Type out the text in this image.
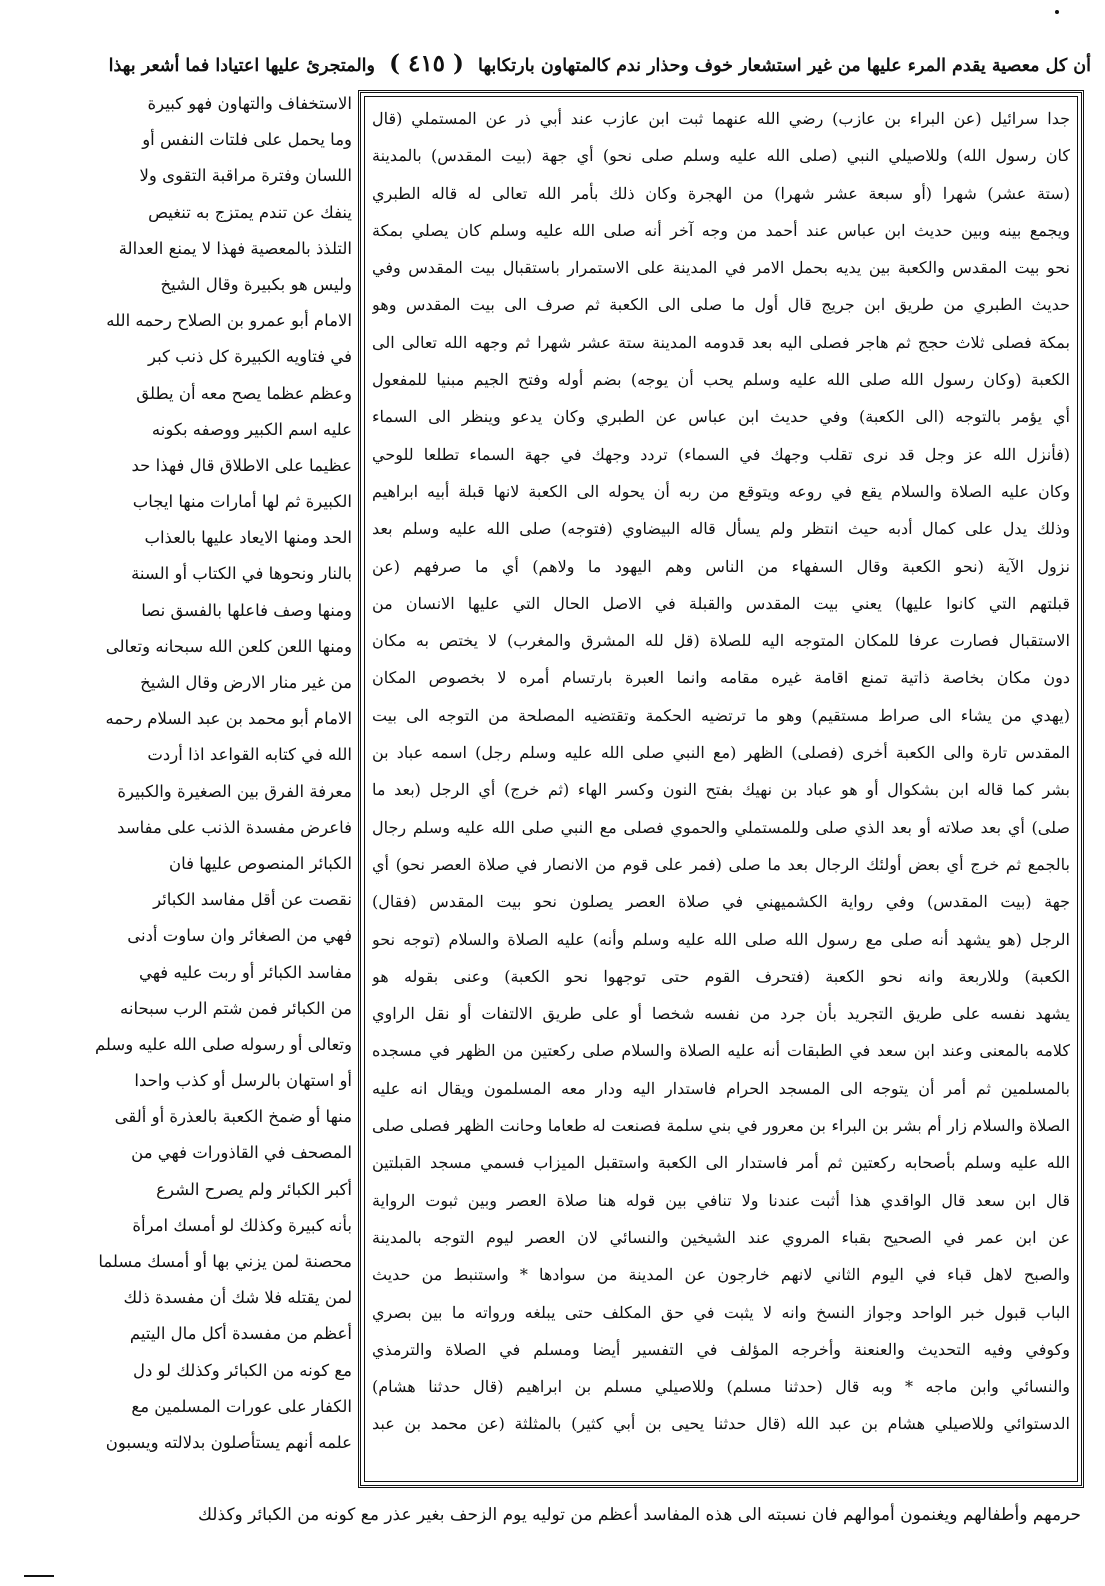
أن كل معصية يقدم المرء عليها من غير استشعار خوف وحذار ندم كالمتهاون بارتكابها ( ٤١٥ ) والمتجرئ عليها اعتيادا فما أشعر بهذا
الاستخفاف والتهاون فهو كبيرة
وما يحمل على فلتات النفس أو
اللسان وفترة مراقبة التقوى ولا
ينفك عن تندم يمتزج به تنغيص
التلذذ بالمعصية فهذا لا يمنع العدالة
وليس هو بكبيرة وقال الشيخ
الامام أبو عمرو بن الصلاح رحمه الله
في فتاويه الكبيرة كل ذنب كبر
وعظم عظما يصح معه أن يطلق
عليه اسم الكبير ووصفه بكونه
عظيما على الاطلاق قال فهذا حد
الكبيرة ثم لها أمارات منها ايجاب
الحد ومنها الايعاد عليها بالعذاب
بالنار ونحوها في الكتاب أو السنة
ومنها وصف فاعلها بالفسق نصا
ومنها اللعن كلعن الله سبحانه وتعالى
من غير منار الارض وقال الشيخ
الامام أبو محمد بن عبد السلام رحمه
الله في كتابه القواعد اذا أردت
معرفة الفرق بين الصغيرة والكبيرة
فاعرض مفسدة الذنب على مفاسد
الكبائر المنصوص عليها فان
نقصت عن أقل مفاسد الكبائر
فهي من الصغائر وان ساوت أدنى
مفاسد الكبائر أو ربت عليه فهي
من الكبائر فمن شتم الرب سبحانه
وتعالى أو رسوله صلى الله عليه وسلم
أو استهان بالرسل أو كذب واحدا
منها أو ضمخ الكعبة بالعذرة أو ألقى
المصحف في القاذورات فهي من
أكبر الكبائر ولم يصرح الشرع
بأنه كبيرة وكذلك لو أمسك امرأة
محصنة لمن يزني بها أو أمسك مسلما
لمن يقتله فلا شك أن مفسدة ذلك
أعظم من مفسدة أكل مال اليتيم
مع كونه من الكبائر وكذلك لو دل
الكفار على عورات المسلمين مع
علمه أنهم يستأصلون بدلالته ويسبون
جدا سرائيل (عن البراء بن عازب) رضي الله عنهما ثبت ابن عازب عند أبي ذر عن المستملي (قال
كان رسول الله) وللاصيلي النبي (صلى الله عليه وسلم صلى نحو) أي جهة (بيت المقدس) بالمدينة
(ستة عشر) شهرا (أو سبعة عشر شهرا) من الهجرة وكان ذلك بأمر الله تعالى له قاله الطبري
ويجمع بينه وبين حديث ابن عباس عند أحمد من وجه آخر أنه صلى الله عليه وسلم كان يصلي بمكة
نحو بيت المقدس والكعبة بين يديه بحمل الامر في المدينة على الاستمرار باستقبال بيت المقدس وفي
حديث الطبري من طريق ابن جريج قال أول ما صلى الى الكعبة ثم صرف الى بيت المقدس وهو
بمكة فصلى ثلاث حجج ثم هاجر فصلى اليه بعد قدومه المدينة ستة عشر شهرا ثم وجهه الله تعالى الى
الكعبة (وكان رسول الله صلى الله عليه وسلم يحب أن يوجه) بضم أوله وفتح الجيم مبنيا للمفعول
أي يؤمر بالتوجه (الى الكعبة) وفي حديث ابن عباس عن الطبري وكان يدعو وينظر الى السماء
(فأنزل الله عز وجل قد نرى تقلب وجهك في السماء) تردد وجهك في جهة السماء تطلعا للوحي
وكان عليه الصلاة والسلام يقع في روعه ويتوقع من ربه أن يحوله الى الكعبة لانها قبلة أبيه ابراهيم
وذلك يدل على كمال أدبه حيث انتظر ولم يسأل قاله البيضاوي (فتوجه) صلى الله عليه وسلم بعد
نزول الآية (نحو الكعبة وقال السفهاء من الناس وهم اليهود ما ولاهم) أي ما صرفهم (عن
قبلتهم التي كانوا عليها) يعني بيت المقدس والقبلة في الاصل الحال التي عليها الانسان من
الاستقبال فصارت عرفا للمكان المتوجه اليه للصلاة (قل لله المشرق والمغرب) لا يختص به مكان
دون مكان بخاصة ذاتية تمنع اقامة غيره مقامه وانما العبرة بارتسام أمره لا بخصوص المكان
(يهدي من يشاء الى صراط مستقيم) وهو ما ترتضيه الحكمة وتقتضيه المصلحة من التوجه الى بيت
المقدس تارة والى الكعبة أخرى (فصلى) الظهر (مع النبي صلى الله عليه وسلم رجل) اسمه عباد بن
بشر كما قاله ابن بشكوال أو هو عباد بن نهيك بفتح النون وكسر الهاء (ثم خرج) أي الرجل (بعد ما
صلى) أي بعد صلاته أو بعد الذي صلى وللمستملي والحموي فصلى مع النبي صلى الله عليه وسلم رجال
بالجمع ثم خرج أي بعض أولئك الرجال بعد ما صلى (فمر على قوم من الانصار في صلاة العصر نحو) أي
جهة (بيت المقدس) وفي رواية الكشميهني في صلاة العصر يصلون نحو بيت المقدس (فقال)
الرجل (هو يشهد أنه صلى مع رسول الله صلى الله عليه وسلم وأنه) عليه الصلاة والسلام (توجه نحو
الكعبة) وللاربعة وانه نحو الكعبة (فتحرف القوم حتى توجهوا نحو الكعبة) وعنى بقوله هو
يشهد نفسه على طريق التجريد بأن جرد من نفسه شخصا أو على طريق الالتفات أو نقل الراوي
كلامه بالمعنى وعند ابن سعد في الطبقات أنه عليه الصلاة والسلام صلى ركعتين من الظهر في مسجده
بالمسلمين ثم أمر أن يتوجه الى المسجد الحرام فاستدار اليه ودار معه المسلمون ويقال انه عليه
الصلاة والسلام زار أم بشر بن البراء بن معرور في بني سلمة فصنعت له طعاما وحانت الظهر فصلى صلى
الله عليه وسلم بأصحابه ركعتين ثم أمر فاستدار الى الكعبة واستقبل الميزاب فسمي مسجد القبلتين
قال ابن سعد قال الواقدي هذا أثبت عندنا ولا تنافي بين قوله هنا صلاة العصر وبين ثبوت الرواية
عن ابن عمر في الصحيح بقباء المروي عند الشيخين والنسائي لان العصر ليوم التوجه بالمدينة
والصبح لاهل قباء في اليوم الثاني لانهم خارجون عن المدينة من سوادها * واستنبط من حديث
الباب قبول خبر الواحد وجواز النسخ وانه لا يثبت في حق المكلف حتى يبلغه ورواته ما بين بصري
وكوفي وفيه التحديث والعنعنة وأخرجه المؤلف في التفسير أيضا ومسلم في الصلاة والترمذي
والنسائي وابن ماجه * وبه قال (حدثنا مسلم) وللاصيلي مسلم بن ابراهيم (قال حدثنا هشام)
الدستوائي وللاصيلي هشام بن عبد الله (قال حدثنا يحيى بن أبي كثير) بالمثلثة (عن محمد بن عبد
حرمهم وأطفالهم ويغنمون أموالهم فان نسبته الى هذه المفاسد أعظم من توليه يوم الزحف بغير عذر مع كونه من الكبائر وكذلك
